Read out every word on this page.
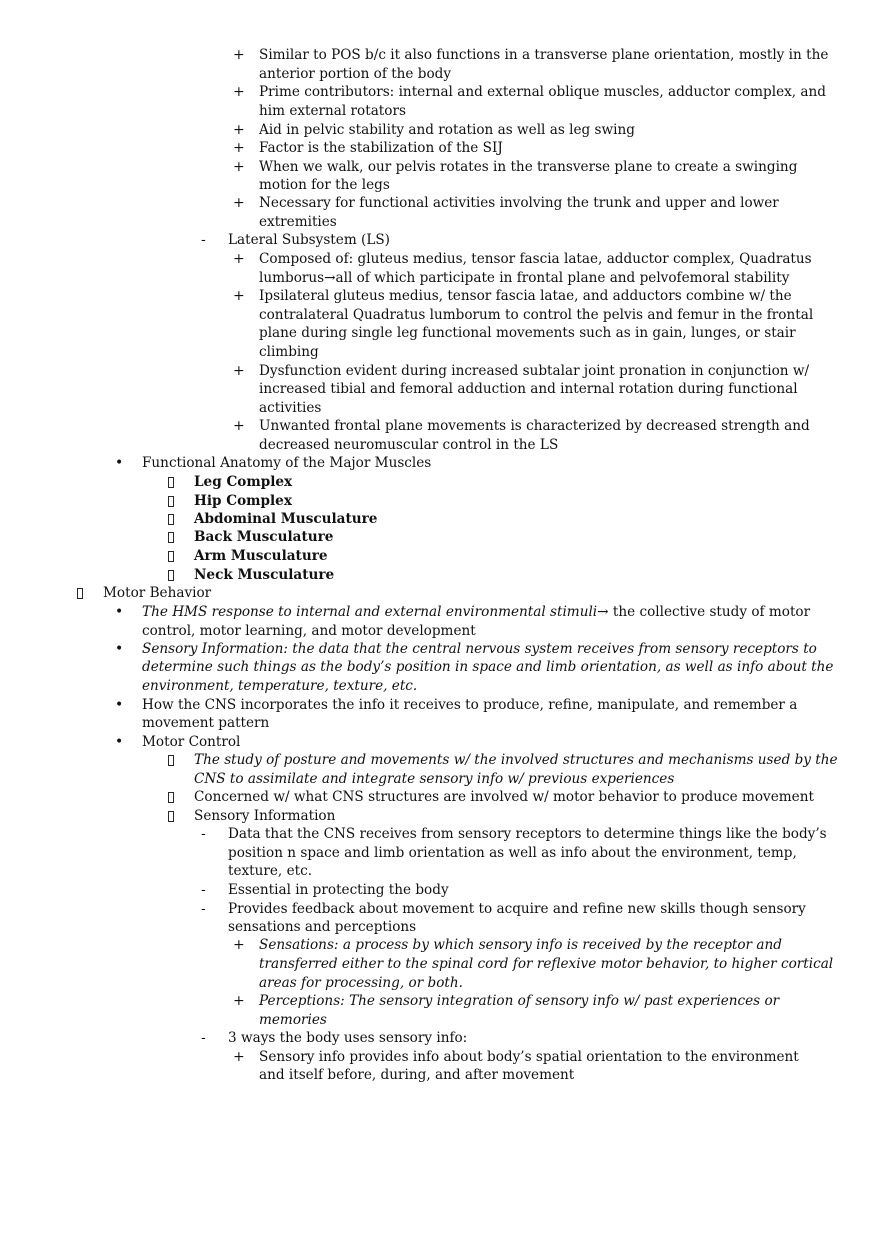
+ Similar to POS b/c it also functions in a transverse plane orientation, mostly in the
anterior portion of the body
+ Prime contributors: internal and external oblique muscles, adductor complex, and
him external rotators
+ Aid in pelvic stability and rotation as well as leg swing
+ Factor is the stabilization of the SIJ
+ When we walk, our pelvis rotates in the transverse plane to create a swinging
motion for the legs
+ Necessary for functional activities involving the trunk and upper and lower
extremities
- Lateral Subsystem (LS)
+ Composed of: gluteus medius, tensor fascia latae, adductor complex, Quadratus
lumborus→all of which participate in frontal plane and pelvofemoral stability
+ Ipsilateral gluteus medius, tensor fascia latae, and adductors combine w/ the
contralateral Quadratus lumborum to control the pelvis and femur in the frontal
plane during single leg functional movements such as in gain, lunges, or stair
climbing
+ Dysfunction evident during increased subtalar joint pronation in conjunction w/
increased tibial and femoral adduction and internal rotation during functional
activities
+ Unwanted frontal plane movements is characterized by decreased strength and
decreased neuromuscular control in the LS
• Functional Anatomy of the Major Muscles
Leg Complex
Hip Complex
Abdominal Musculature
Back Musculature
Arm Musculature
Neck Musculature
Motor Behavior
• The HMS response to internal and external environmental stimuli→ the collective study of motor
control, motor learning, and motor development
• Sensory Information: the data that the central nervous system receives from sensory receptors to
determine such things as the body’s position in space and limb orientation, as well as info about the
environment, temperature, texture, etc.
• How the CNS incorporates the info it receives to produce, refine, manipulate, and remember a
movement pattern
• Motor Control
The study of posture and movements w/ the involved structures and mechanisms used by the
CNS to assimilate and integrate sensory info w/ previous experiences
Concerned w/ what CNS structures are involved w/ motor behavior to produce movement
Sensory Information
- Data that the CNS receives from sensory receptors to determine things like the body’s
position n space and limb orientation as well as info about the environment, temp,
texture, etc.
- Essential in protecting the body
- Provides feedback about movement to acquire and refine new skills though sensory
sensations and perceptions
+ Sensations: a process by which sensory info is received by the receptor and
transferred either to the spinal cord for reflexive motor behavior, to higher cortical
areas for processing, or both.
+ Perceptions: The sensory integration of sensory info w/ past experiences or
memories
- 3 ways the body uses sensory info:
+ Sensory info provides info about body’s spatial orientation to the environment
and itself before, during, and after movement
